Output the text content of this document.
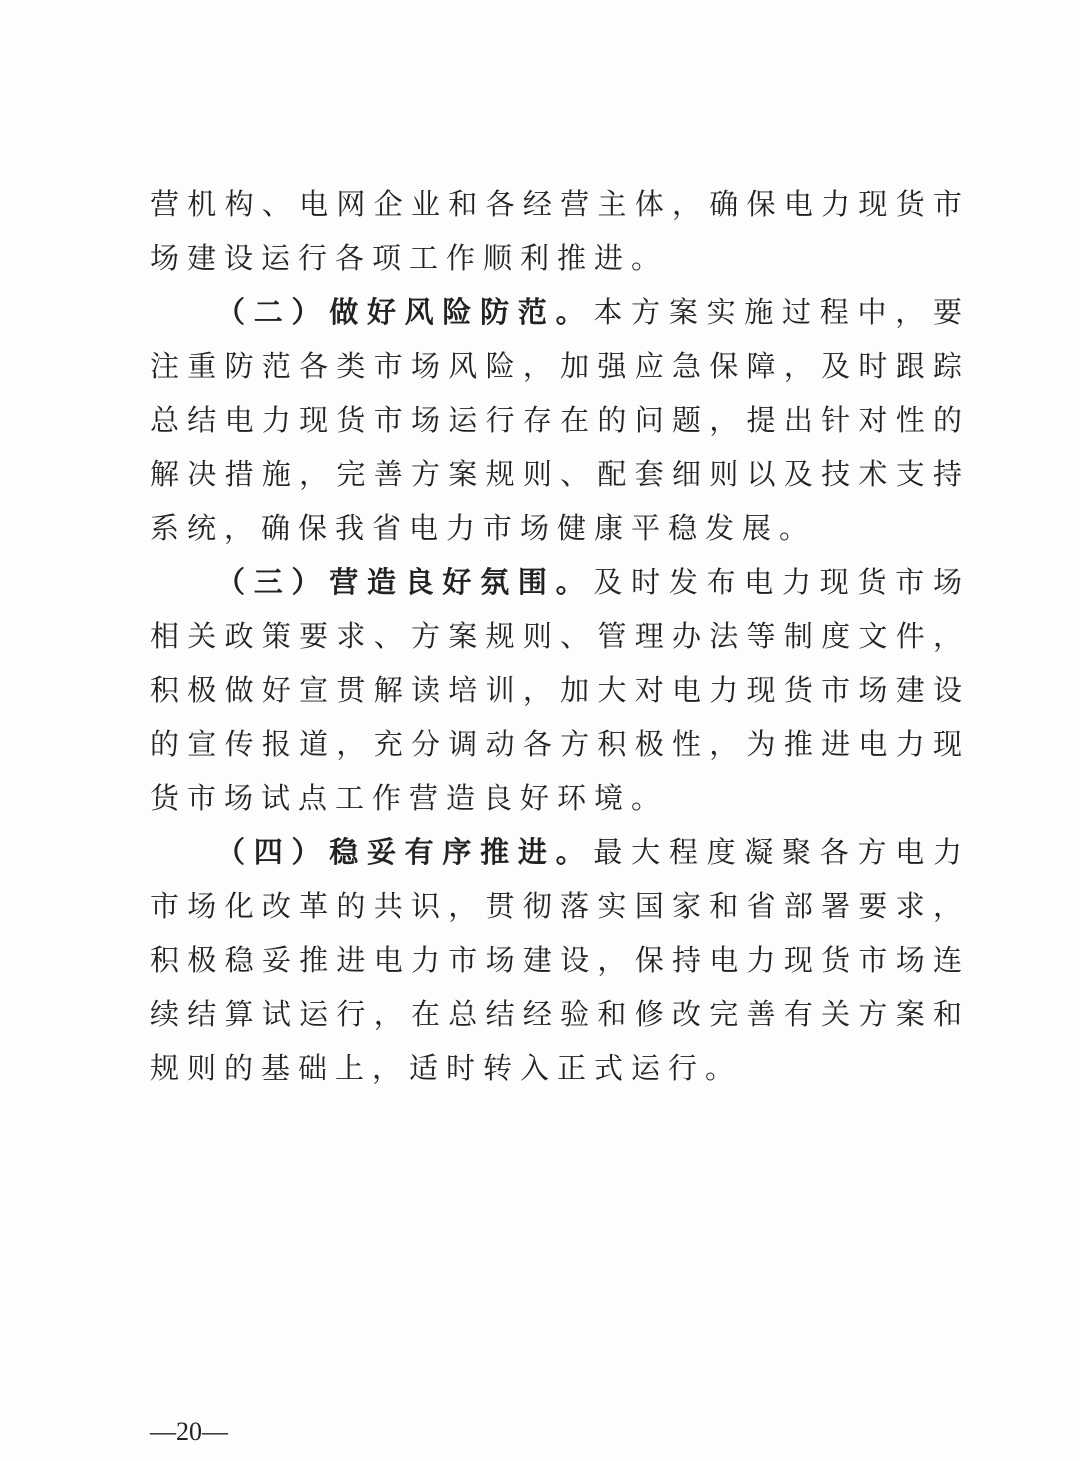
营机构、电网企业和各经营主体，确保电力现货市场建设运行各项工作顺利推进。

（二）做好风险防范。本方案实施过程中，要注重防范各类市场风险，加强应急保障，及时跟踪总结电力现货市场运行存在的问题，提出针对性的解决措施，完善方案规则、配套细则以及技术支持系统，确保我省电力市场健康平稳发展。

（三）营造良好氛围。及时发布电力现货市场相关政策要求、方案规则、管理办法等制度文件，积极做好宣贯解读培训，加大对电力现货市场建设的宣传报道，充分调动各方积极性，为推进电力现货市场试点工作营造良好环境。

（四）稳妥有序推进。最大程度凝聚各方电力市场化改革的共识，贯彻落实国家和省部署要求，积极稳妥推进电力市场建设，保持电力现货市场连续结算试运行，在总结经验和修改完善有关方案和规则的基础上，适时转入正式运行。

—20—
